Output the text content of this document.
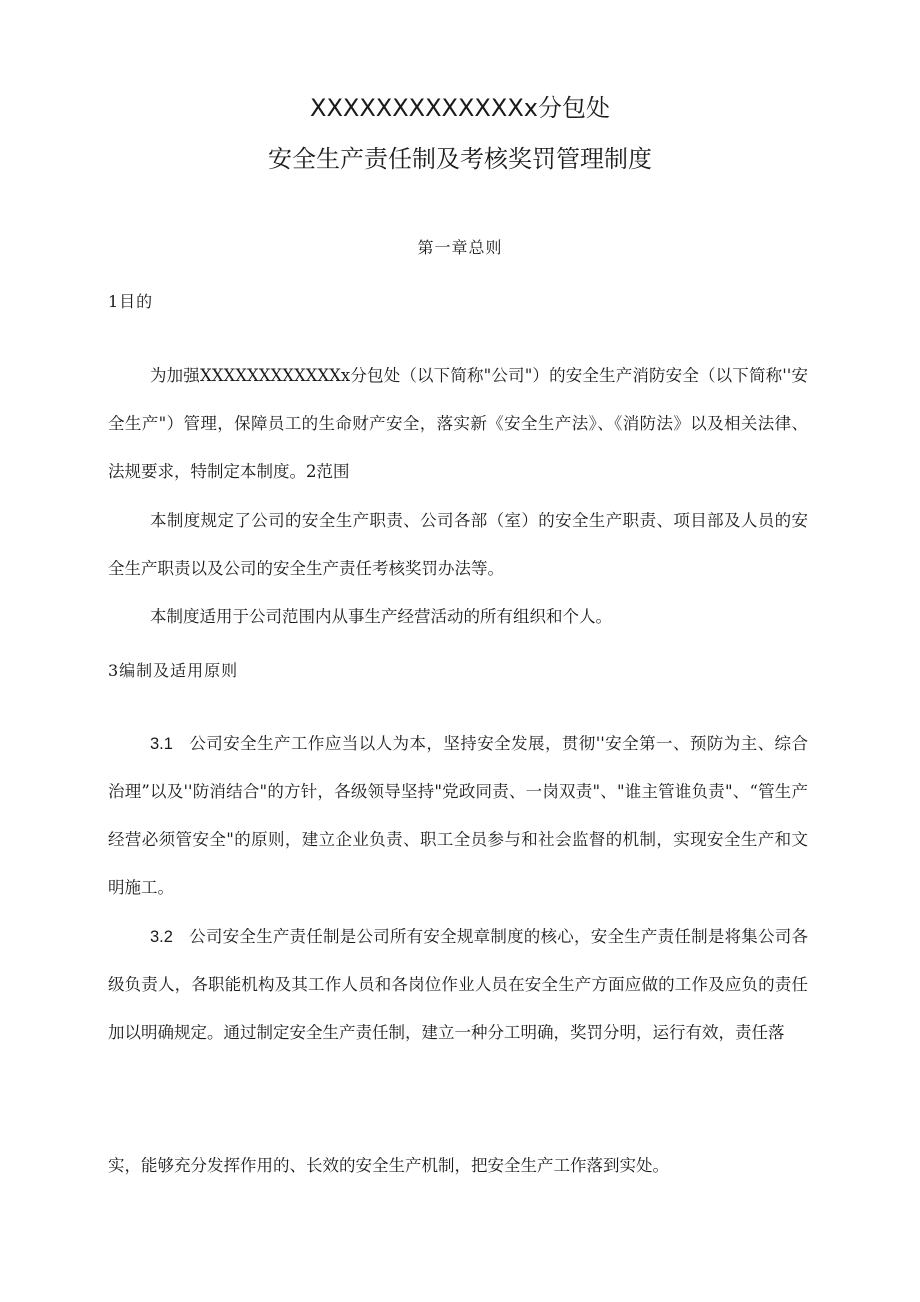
XXXXXXXXXXXXXx分包处
安全生产责任制及考核奖罚管理制度
第一章总则
1目的
为加强XXXXXXXXXXXXx分包处（以下简称"公司"）的安全生产消防安全（以下简称''安全生产"）管理，保障员工的生命财产安全，落实新《安全生产法》、《消防法》以及相关法律、法规要求，特制定本制度。2范围
本制度规定了公司的安全生产职责、公司各部（室）的安全生产职责、项目部及人员的安全生产职责以及公司的安全生产责任考核奖罚办法等。
本制度适用于公司范围内从事生产经营活动的所有组织和个人。
3编制及适用原则
3.1 公司安全生产工作应当以人为本，坚持安全发展，贯彻''安全第一、预防为主、综合治理”以及''防消结合"的方针，各级领导坚持"党政同责、一岗双责"、"谁主管谁负责"、“管生产经营必须管安全"的原则，建立企业负责、职工全员参与和社会监督的机制，实现安全生产和文明施工。
3.2 公司安全生产责任制是公司所有安全规章制度的核心，安全生产责任制是将集公司各级负责人，各职能机构及其工作人员和各岗位作业人员在安全生产方面应做的工作及应负的责任加以明确规定。通过制定安全生产责任制，建立一种分工明确，奖罚分明，运行有效，责任落
实，能够充分发挥作用的、长效的安全生产机制，把安全生产工作落到实处。
